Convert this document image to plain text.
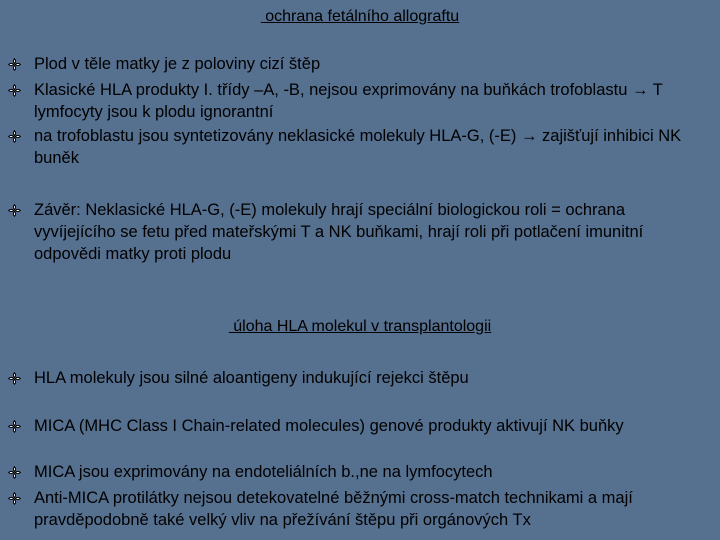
ochrana fetálního allograftu
Plod v těle matky je z poloviny cizí štěp
Klasické HLA produkty I. třídy –A, -B, nejsou exprimovány na buňkách trofoblastu → T lymfocyty jsou k plodu ignorantní
na trofoblastu jsou syntetizovány neklasické molekuly HLA-G, (-E) → zajišťují inhibici NK buněk
Závěr: Neklasické HLA-G, (-E) molekuly hrají speciální biologickou roli = ochrana vyvíjejícího se fetu před mateřskými T a NK buňkami, hrají roli při potlačení imunitní odpovědi matky proti plodu
úloha HLA molekul v transplantologii
HLA molekuly jsou silné aloantigeny indukující rejekci štěpu
MICA (MHC Class I Chain-related molecules) genové produkty aktivují NK buňky
MICA jsou exprimovány na endoteliálních b.,ne na lymfocytech
Anti-MICA protilátky nejsou detekovatelné běžnými cross-match technikami a mají pravděpodobně také velký vliv na přežívání štěpu při orgánových Tx
